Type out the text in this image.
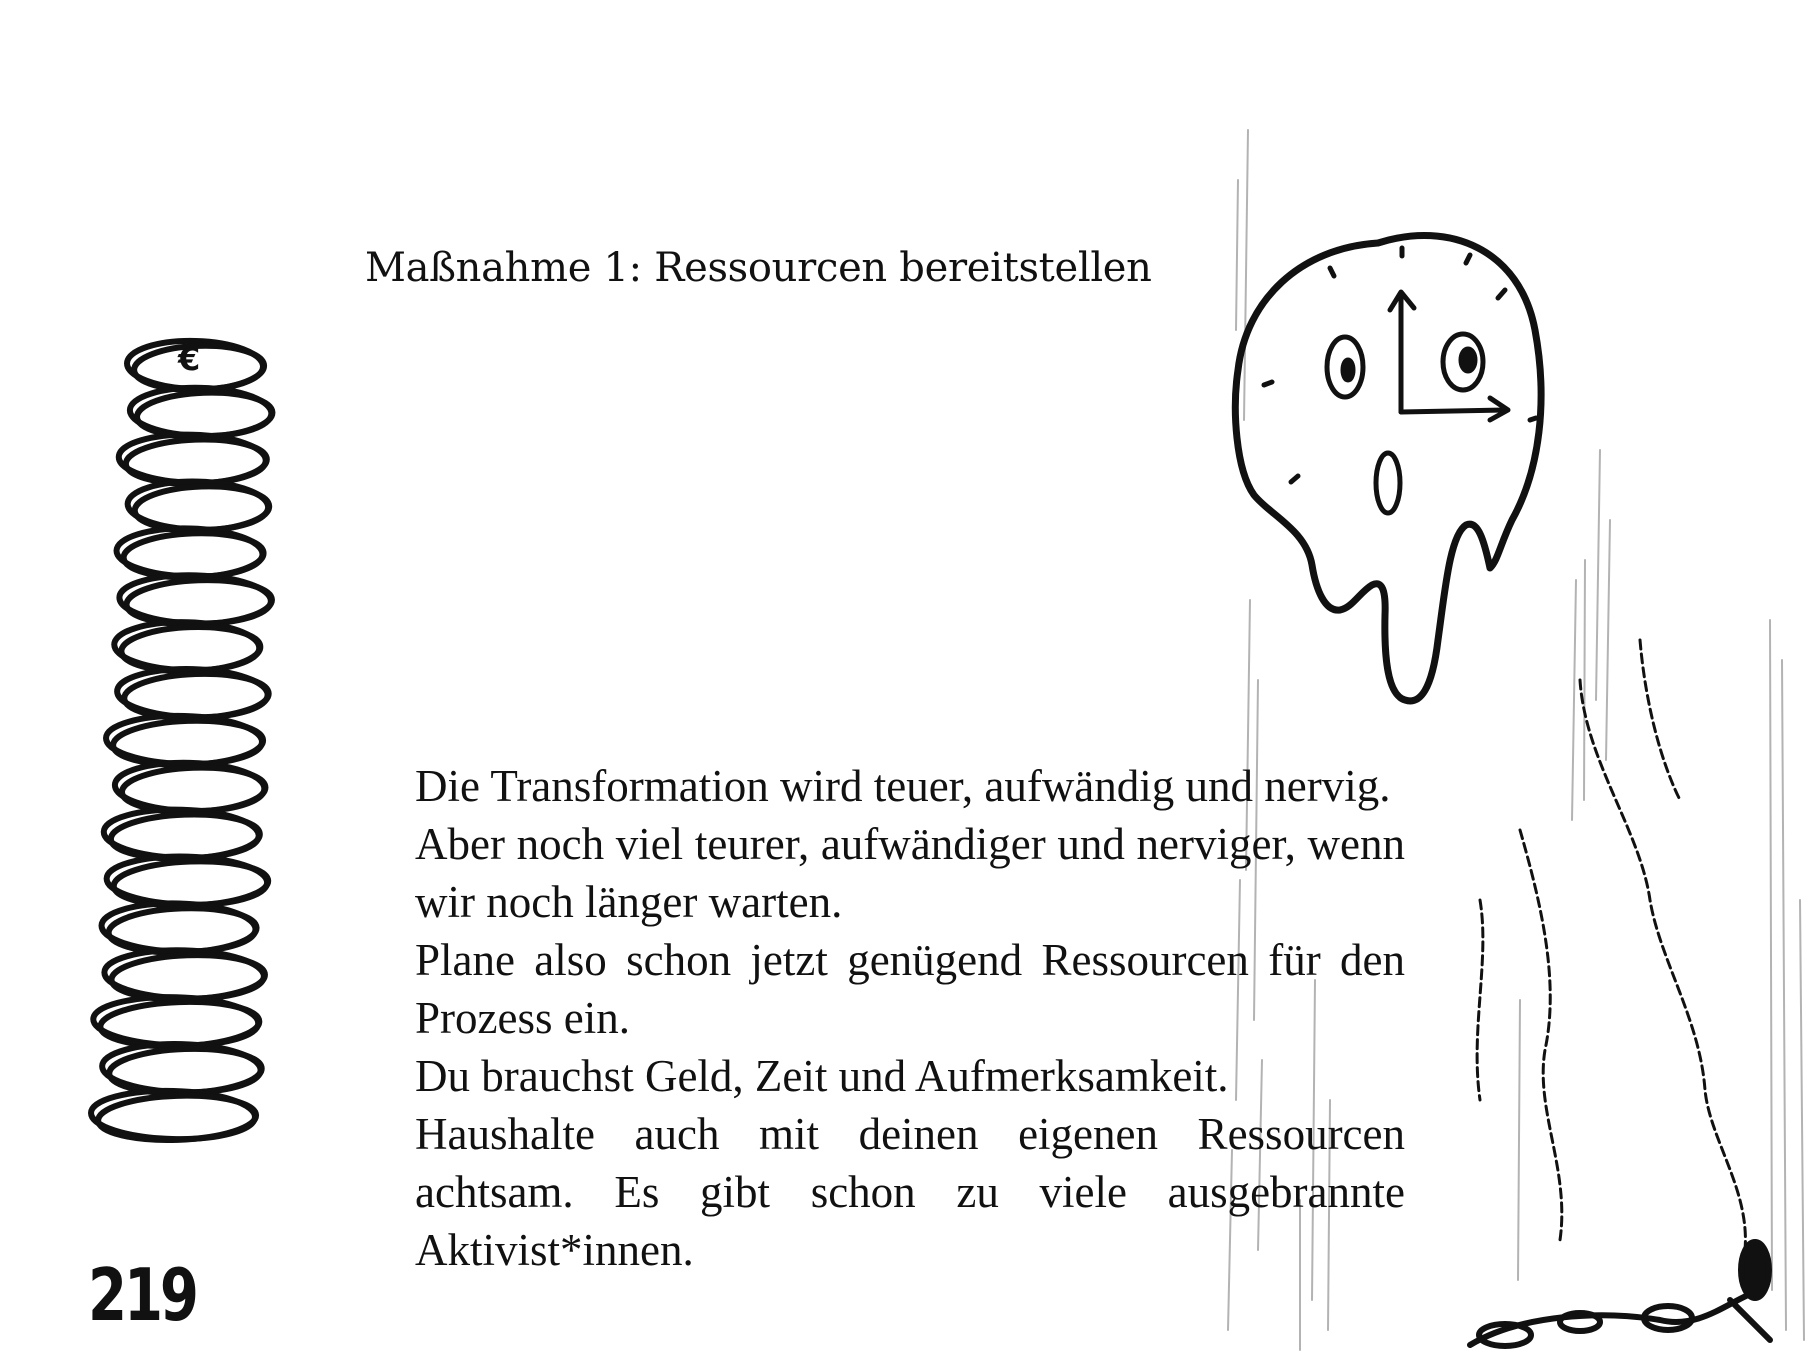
€
Maßnahme 1: Ressourcen bereitstellen

Die Transformation wird teuer, aufwändig und nervig.

Aber noch viel teurer, aufwändiger und nerviger, wenn wir noch länger warten.

Plane also schon jetzt genügend Ressourcen für den Prozess ein.

Du brauchst Geld, Zeit und Aufmerksamkeit.

Haushalte auch mit deinen eigenen Ressourcen achtsam. Es gibt schon zu viele ausgebrannte Aktivist*innen.

219
